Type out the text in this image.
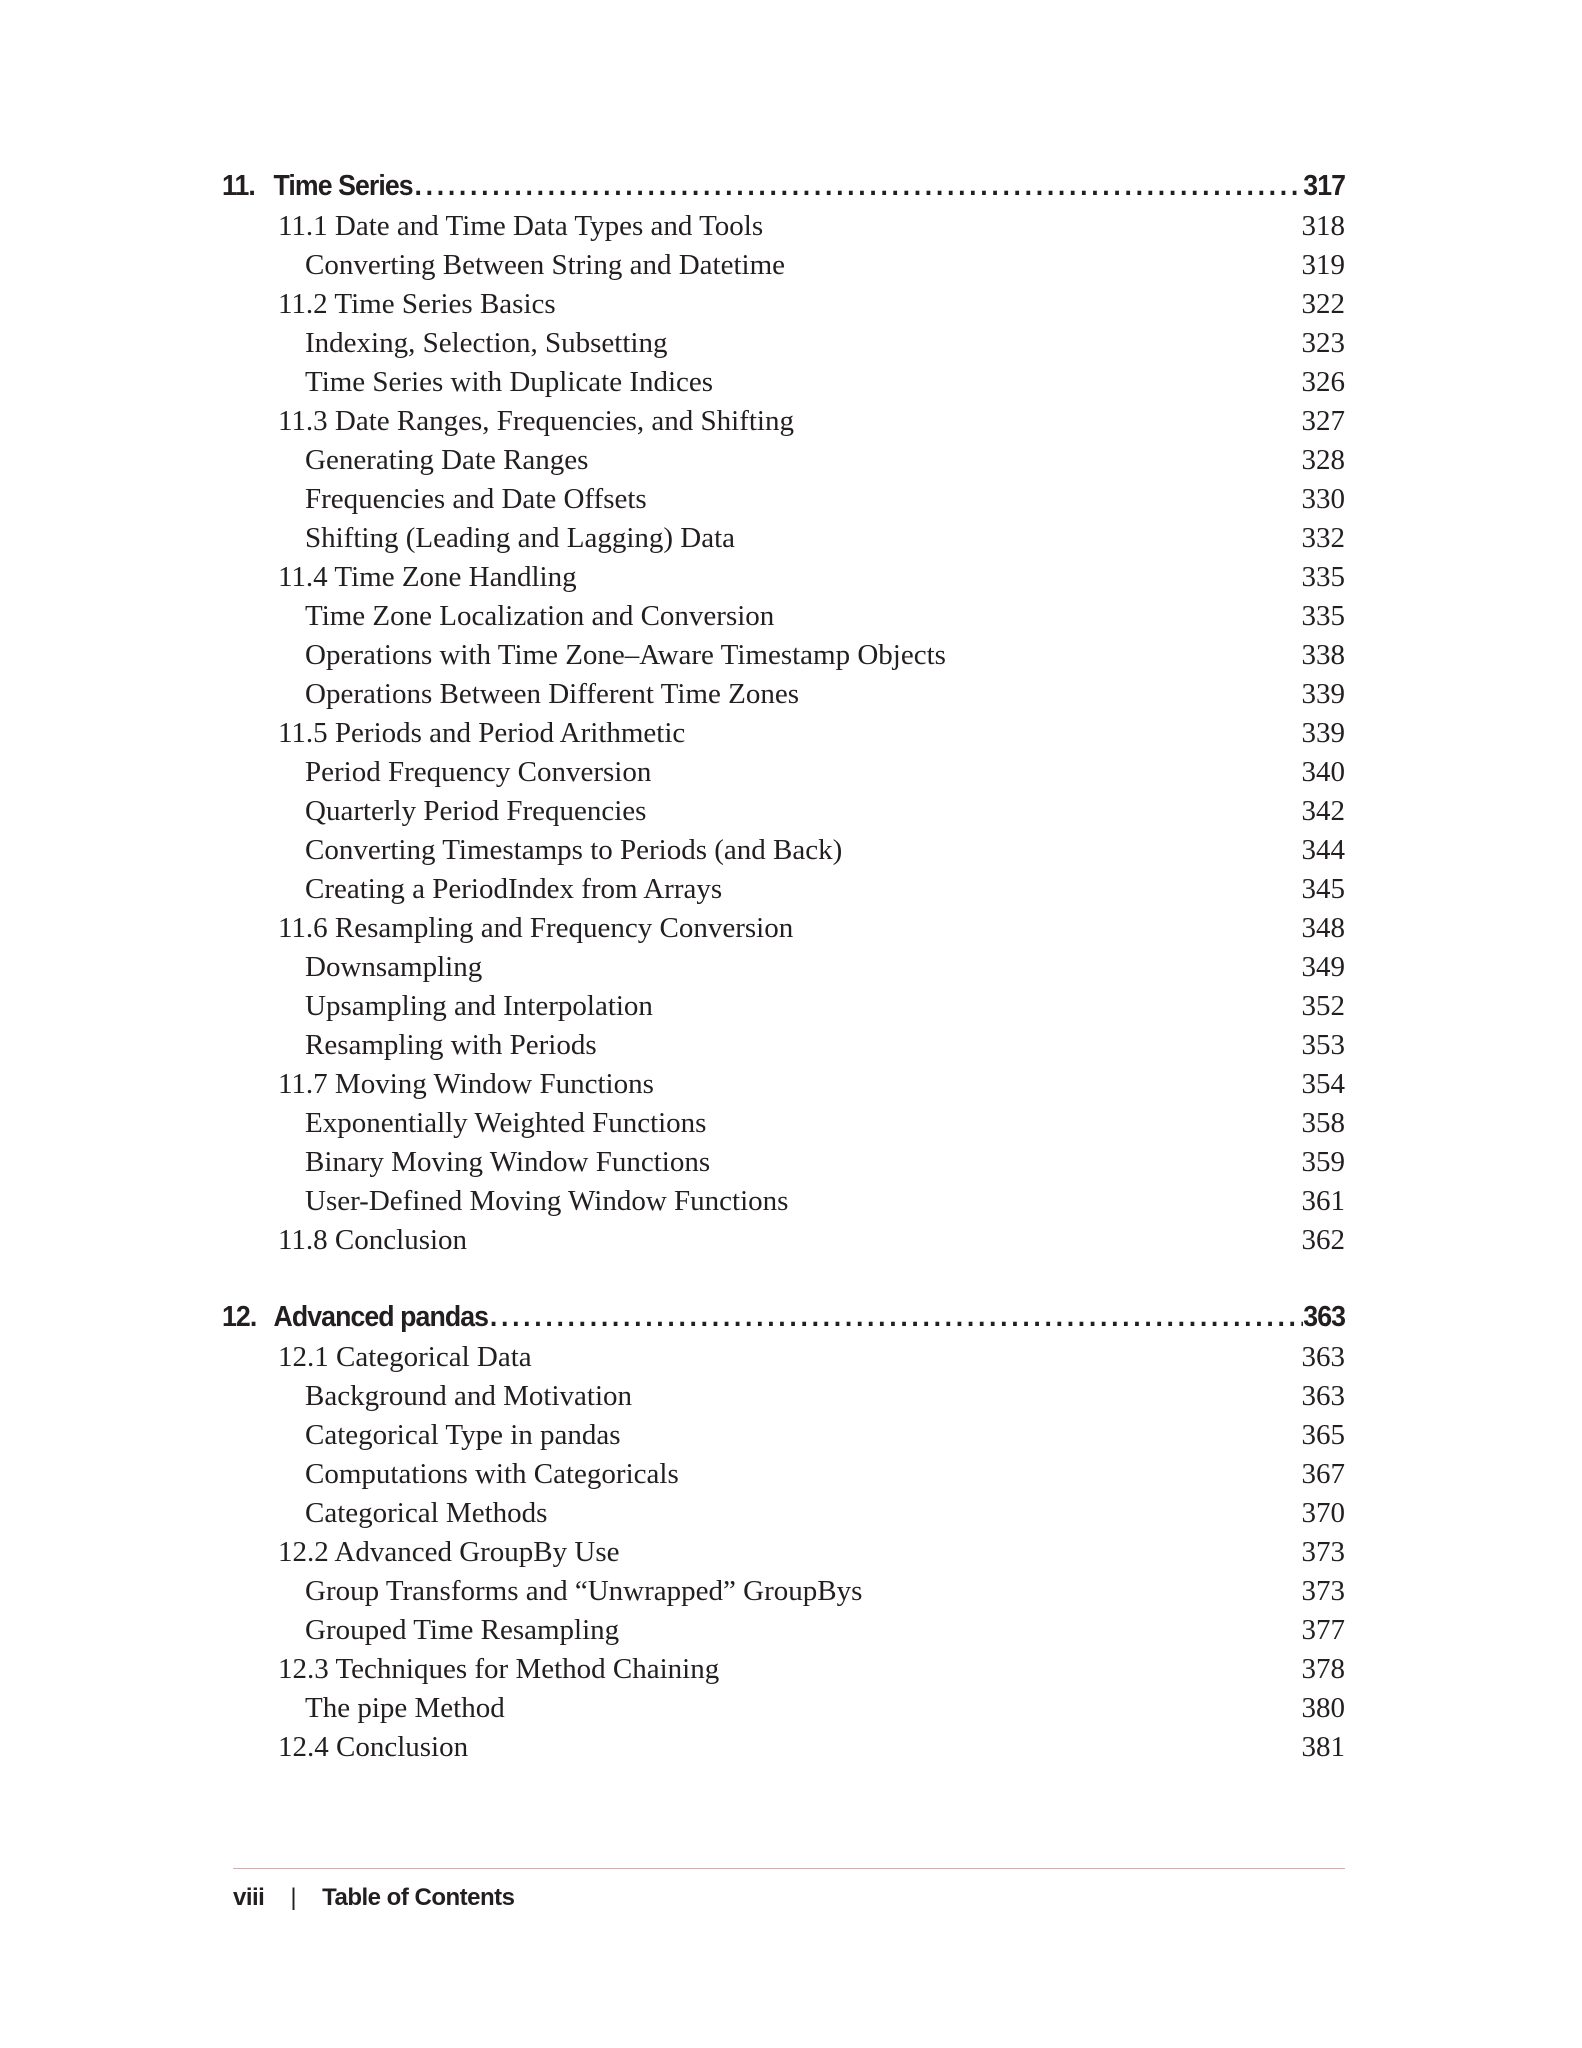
11. Time Series .....	317
11.1 Date and Time Data Types and Tools	318
Converting Between String and Datetime	319
11.2 Time Series Basics	322
Indexing, Selection, Subsetting	323
Time Series with Duplicate Indices	326
11.3 Date Ranges, Frequencies, and Shifting	327
Generating Date Ranges	328
Frequencies and Date Offsets	330
Shifting (Leading and Lagging) Data	332
11.4 Time Zone Handling	335
Time Zone Localization and Conversion	335
Operations with Time Zone–Aware Timestamp Objects	338
Operations Between Different Time Zones	339
11.5 Periods and Period Arithmetic	339
Period Frequency Conversion	340
Quarterly Period Frequencies	342
Converting Timestamps to Periods (and Back)	344
Creating a PeriodIndex from Arrays	345
11.6 Resampling and Frequency Conversion	348
Downsampling	349
Upsampling and Interpolation	352
Resampling with Periods	353
11.7 Moving Window Functions	354
Exponentially Weighted Functions	358
Binary Moving Window Functions	359
User-Defined Moving Window Functions	361
11.8 Conclusion	362
12. Advanced pandas .....	363
12.1 Categorical Data	363
Background and Motivation	363
Categorical Type in pandas	365
Computations with Categoricals	367
Categorical Methods	370
12.2 Advanced GroupBy Use	373
Group Transforms and “Unwrapped” GroupBys	373
Grouped Time Resampling	377
12.3 Techniques for Method Chaining	378
The pipe Method	380
12.4 Conclusion	381
viii | Table of Contents
